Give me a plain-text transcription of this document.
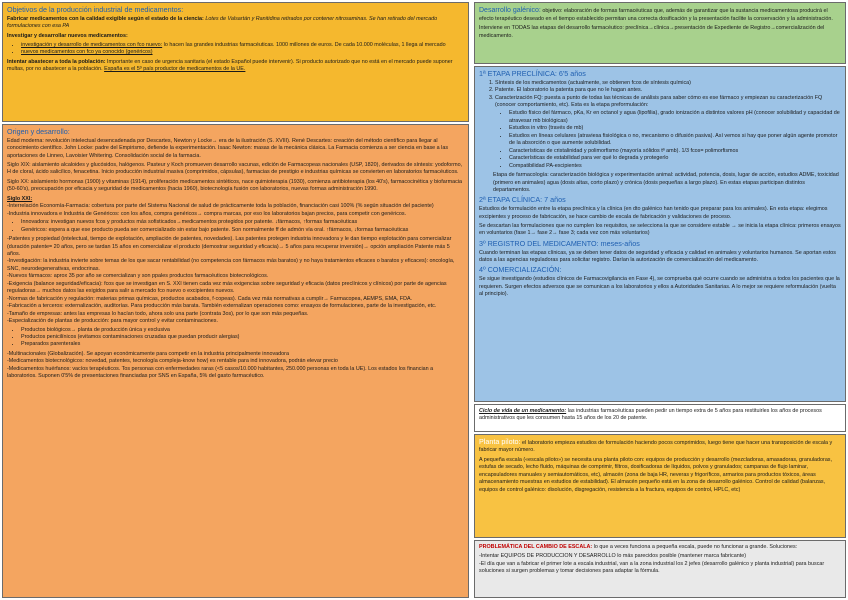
Objetivos de la producción industrial de medicamentos:

Fabricar medicamentos con la calidad exigible según el estado de la ciencia: Lotes de Valsartán y Ranitidina retirados por contener nitrosaminas. Se han retirado del mercado formulaciones con esa PA

Investigar y desarrollar nuevos medicamentos:

• investigación y desarrollo de medicamentos con fco nuevo: lo hacen las grandes industrias farmacéuticas. 1000 millones de euros. De cada 10.000 moléculas, 1 llega al mercado
• nuevos medicamentos con fco ya conocido (genéricos)

Intentar abastecer a toda la población: Importante en caso de urgencia sanitaria (el estado Español puede intervenir). Si producto autorizado que no está en el mercado puede suponer multas, por no abastecer a la población. España es el 5º país productor de medicamentos de la UE.

Origen y desarrollo:

Edad moderna: revolución intelectual desencadenada por Descartes, Newton y Locke→ era de la ilustración (S. XVIII). René Descartes: creación del método científico para llegar al conocimiento científico. John Locke: padre del Empirismo, defiende la experimentación. Isaac Newton: masas de la mecánica clásica. La Farmacia comienza a ser ciencia en base a las aportaciones de Linneo, Lavoisier Whitering. Consolidación social de la farmacia.

Siglo XIX: aislamiento alcaloides y glucósidos, halógenos. Pasteur y Koch promueven desarrollo vacunas, edición de Farmacopeas nacionales (USP, 1820), derivados de síntesis: yodoformo, H de cloral, ácido salicílico, fenacetina. Inicio producción industrial masiva (comprimidos, cápsulas), farmacias de prestigio e industrias químicas se convierten en laboratorios farmacéuticos.

Siglo XX: aislamiento hormonas (1900) y vitaminas (1914), proliferación medicamentos sintéticos, nace quimioterapia (1930), comienza antibioterapia (los 40's), farmacocinética y biofarmacia (50-60's), preocupación por eficacia y seguridad de medicamentos (hacia 1960), biotecnología fusión con laboratorios, nuevas formas administración 1990.

Siglo XXI:
-Interrelación Economía-Farmacia: cobertura por parte del Sistema Nacional de salud de prácticamente toda la población, financiación casi 100% (% según situación del paciente)
-Industria innovadora e Industria de Genéricos: con los años, compra genéricos→ compra marcas, por eso los laboratorios bajan precios, para competir con genéricos.
• Innovadora: investigan nuevos fcos y productos más sofisticados→medicamentos protegidos por patente. ↓fármacos, ↑formas farmacéuticas
• Genéricos: espera a que ese producto pueda ser comercializado sin estar bajo patente. Son normalmente ff de admón vía oral. ↑fármacos, ↓formas farmacéuticas
-Patentes y propiedad (intelectual, tiempo de explotación, ampliación de patentes, novedades). Las patentes protegen industria innovadora y le dan tiempo explotación para comercializar (duración patente= 20 años, pero se tardan 15 años en comercializar el producto (demostrar seguridad y eficacia)→ 5 años para recuperar inversión)→ opción ampliación Patente más 5 años.
-Investigación: la industria invierte sobre temas de los que sacar rentabilidad (no competencia con fármacos más baratos) y no haya tratamientos eficaces o baratos y eficaces): oncología, SNC, neurodegenerativas, endocrinas.
-Nuevos fármacos: aprox 35 por año se comercializan y son ppales productos farmacéuticos biotecnológicos.
-Exigencia (balance seguridad/eficacia): fcos que se investigan en S. XXI tienen cada vez más exigencias sobre seguridad y eficacia (datos preclínicos y clínicos) por parte de agencias reguladoras→ muchos datos las exigidos para salir a mercado fco nuevo o excipientes nuevos.
-Normas de fabricación y regulación: materias primas químicas, productos acabados, f·copeas). Cada vez más normativas a cumplir→ Farmacopea, AEMPS, EMA, FDA.
-Fabricación a terceros: externalización, auditorías. Para producción más barata. También externalizan operaciones como: ensayos de formulaciones, parte de la investigación, etc.
-Tamaño de empresas: antes las empresas lo hacían todo, ahora solo una parte (contrata 3os), por lo que son más pequeñas.
-Especialización de plantas de producción: para mayor control y evitar contaminaciones.
• Productos biológicos→ planta de producción única y exclusiva
• Productos penicilínicos (evitamos contaminaciones cruzadas que puedan producir alergias)
• Preparados parenterales
-Multinacionales (Globalización). Se apoyan económicamente para competir en la industria principalmente innovadora
-Medicamentos biotecnológicos: novedad, patentes, tecnología compleja-know how) es rentable para ind innovadora, podrán elevar precio
-Medicamentos huérfanos: vacíos terapéuticos. Tos personas con enfermedades raras (<5 casos/10.000 habitantes, 250.000 personas en toda la UE). Los estados los financian a laboratorios. Suponen 0'5% de presentaciones financiadas por SNS en España, 5% del gasto farmacéutico.

Desarrollo galénico: objetivo: elaboración de formas farmacéuticas que, además de garantizar que la sustancia medicamentosa producirá el efecto terapéutico deseado en el tiempo establecido permitan una correcta dosificación y la presentación facilite la conservación y la administración.

Interviene en TODAS las etapas del desarrollo farmacéutico: preclínica→clínica→presentación de Expediente de Registro→comercialización del medicamento.

1ª ETAPA PRECLÍNICA: 6'5 años
1. Síntesis de los medicamentos (actualmente, se obtienen fcos de síntesis química)
2. Patente. El laboratorio la patenta para que no le hagan antes.
3. Caracterización FQ: puesta a punto de todas las técnicas de análisis para saber cómo es ese fármaco y empiezan su caracterización FQ (conocer comportamiento, etc). Esta es la etapa preformulación:
• Estudio físico del fármaco, pKa, Kr en octanol y agua (lipofilia), grado ionización a distintos valores pH (conocer solubilidad y capacidad de atravesar mb biológicas)
• Estudios in vitro (través de mb)
• Estudios en líneas celulares (atraviesa fisiológica o no, mecanismo o difusión pasiva). Así vemos si hay que poner algún agente promotor de la absorción o que aumente solubilidad.
• Características de cristalinidad y polimorfismo (mayoría sólidos tª amb). 1/3 fcos= polimorfismos
• Características de estabilidad para ver qué lo degrada y protegerlo
• Compatibilidad PA-excipientes

Etapa de farmacología: caracterización biológica y experimentación animal: actividad, potencia, dosis, lugar de acción, estudios ADME, toxicidad (primero en animales) agua (dosis altas, corto plazo) y crónica (dosis pequeñas a largo plazo). En estas etapas participan distintos departamentos.

2ª ETAPA CLÍNICA: 7 años

Estudios de formulación entre la etapa preclínica y la clínica (en dto galénico han tenido que preparar para los animales). En esta etapa: elegimos excipientes y proceso de fabricación, se hace cambio de escala de fabricación y validaciones de proceso.

Se descartan las formulaciones que no cumplen los requisitos, se selecciona la que se considere estable → se inicia la etapa clínica: primeros ensayos en voluntarios (fase 1→ fase 2→ fase 3; cada vez con más voluntarios)

3º REGISTRO DEL MEDICAMENTO: meses-años

Cuando terminan las etapas clínicas, ya se deben tener datos de seguridad y eficacia y calidad en animales y voluntarios humanos. Se aportan estos datos a las agencias reguladoras para solicitar registro. Darían la autorización de comercialización del medicamento.

4º COMERCIALIZACIÓN:

Se sigue investigando (estudios clínicos de Farmacovigilancia en Fase 4), se comprueba qué ocurre cuando se administra a todos los pacientes que la requieren. Surgen efectos adversos que se comunican a los laboratorios y ellos a Autoridades Sanitarias. A lo mejor se requiere reformulación (vuelta al principio).

Ciclo de vida de un medicamento: las industrias farmacéuticas pueden pedir un tiempo extra de 5 años para restituirles los años de procesos administrativos que les consumen hasta 15 años de los 20 de patente.

Planta piloto: el laboratorio empieza estudios de formulación haciendo pocos comprimidos, luego tiene que hacer una transposición de escala y fabricar mayor número.

A pequeña escala («escala piloto») se necesita una planta piloto con: equipos de producción y desarrollo (mezcladoras, amasadoras, granuladoras, estufas de secado, lecho fluido, máquinas de comprimir, filtros, dosificadoras de líquidos, polvos y granulados; campanas de flujo laminar, encapsuladores manuales y semiautomáticos, etc), almacén (zona de baja HR, neveras y frigoríficos, armarios para productos tóxicos, áreas almacenamiento muestras en estudios de estabilidad). El almacén pequeño está en la zona de desarrollo galénico. Control de calidad (balanzas, equipos de control galénico: disolución, disgregación, resistencia a la fractura, equipos de control, HPLC, etc)

PROBLEMÁTICA DEL CAMBIO DE ESCALA: lo que a veces funciona a pequeña escala, puede no funcionar a grande. Soluciones:

-Intentar EQUIPOS DE PRODUCCION Y DESARROLLO lo más parecidos posible (mantener marca fabricante)
-El día que van a fabricar el primer lote a escala industrial, van a la zona industrial los 2 jefes (desarrollo galénico y planta industrial) para buscar soluciones si surgen problemas y tomar decisiones para adaptar la fórmula.
